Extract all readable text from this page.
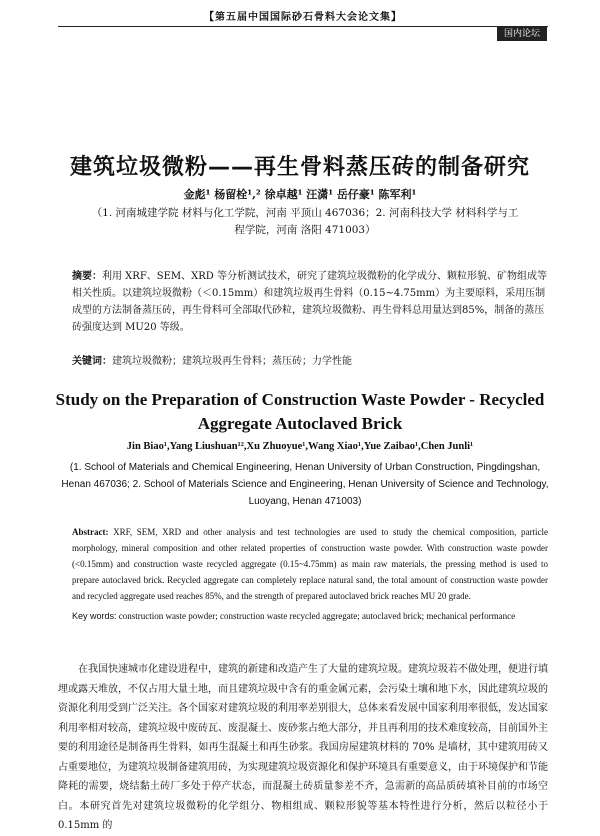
【第五届中国国际砂石骨料大会论文集】
国内论坛
建筑垃圾微粉——再生骨料蒸压砖的制备研究
金彪¹ 杨留栓¹,² 徐卓越¹ 汪潇¹ 岳仔豪¹ 陈军利¹
（1. 河南城建学院 材料与化工学院，河南 平顶山 467036；2. 河南科技大学 材料科学与工程学院，河南 洛阳 471003）
摘要：利用 XRF、SEM、XRD 等分析测试技术，研究了建筑垃圾微粉的化学成分、颗粒形貌、矿物组成等相关性质。以建筑垃圾微粉（＜0.15mm）和建筑垃圾再生骨料（0.15~4.75mm）为主要原料，采用压制成型的方法制备蒸压砖，再生骨料可全部取代砂粒，建筑垃圾微粉、再生骨料总用量达到85%，制备的蒸压砖强度达到 MU20 等级。
关键词：建筑垃圾微粉；建筑垃圾再生骨料；蒸压砖；力学性能
Study on the Preparation of Construction Waste Powder - Recycled Aggregate Autoclaved Brick
Jin Biao¹,Yang Liushuan¹²,Xu Zhuoyue¹,Wang Xiao¹,Yue Zaibao¹,Chen Junli¹
(1. School of Materials and Chemical Engineering, Henan University of Urban Construction, Pingdingshan, Henan 467036; 2. School of Materials Science and Engineering, Henan University of Science and Technology, Luoyang, Henan 471003)
Abstract: XRF, SEM, XRD and other analysis and test technologies are used to study the chemical composition, particle morphology, mineral composition and other related properties of construction waste powder. With construction waste powder (<0.15mm) and construction waste recycled aggregate (0.15~4.75mm) as main raw materials, the pressing method is used to prepare autoclaved brick. Recycled aggregate can completely replace natural sand, the total amount of construction waste powder and recycled aggregate used reaches 85%, and the strength of prepared autoclaved brick reaches MU 20 grade.
Key words: construction waste powder; construction waste recycled aggregate; autoclaved brick; mechanical performance
在我国快速城市化建设进程中，建筑的新建和改造产生了大量的建筑垃圾。建筑垃圾若不做处理，便进行填埋或露天堆放，不仅占用大量土地，而且建筑垃圾中含有的重金属元素，会污染土壤和地下水，因此建筑垃圾的资源化利用受到广泛关注。各个国家对建筑垃圾的利用率差别很大，总体来看发展中国家利用率很低，发达国家利用率相对较高，建筑垃圾中废砖瓦、废混凝土、废砂浆占绝大部分，并且再利用的技术难度较高，目前国外主要的利用途径是制备再生骨料，如再生混凝土和再生砂浆。我国房屋建筑材料的 70% 是墙材，其中建筑用砖又占重要地位，为建筑垃圾制备建筑用砖，为实现建筑垃圾资源化和保护环境具有重要意义，由于环境保护和节能降耗的需要，烧结黏土砖厂多处于停产状态，而混凝土砖质量参差不齐，急需新的高品质砖填补目前的市场空白。本研究首先对建筑垃圾微粉的化学组分、物相组成、颗粒形貌等基本特性进行分析，然后以粒径小于 0.15mm 的
